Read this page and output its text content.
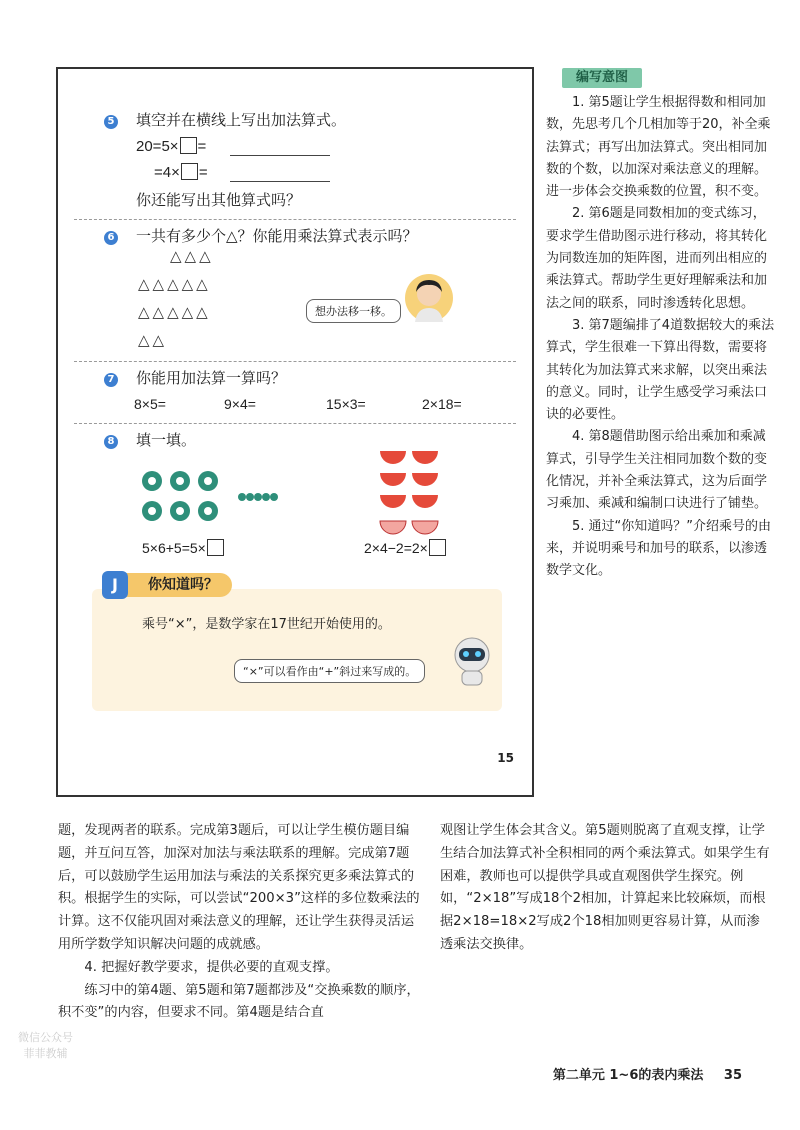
5 填空并在横线上写出加法算式。
20=5× =
=4× =
你还能写出其他算式吗？
6 一共有多少个△？你能用乘法算式表示吗？
△△△
△△△△△
△△△△△
△△
想办法移一移。
7 你能用加法算一算吗？
8×5=	9×4=	15×3=	2×18=
8 填一填。
5×6+5=5×	2×4−2=2×
你知道吗？
J
乘号“×”，是数学家在17世纪开始使用的。
“×”可以看作由“+”斜过来写成的。
15
编写意图

1. 第5题让学生根据得数和相同加数，先思考几个几相加等于20，补全乘法算式；再写出加法算式。突出相同加数的个数，以加深对乘法意义的理解。进一步体会交换乘数的位置，积不变。

2. 第6题是同数相加的变式练习，要求学生借助图示进行移动，将其转化为同数连加的矩阵图，进而列出相应的乘法算式。帮助学生更好理解乘法和加法之间的联系，同时渗透转化思想。

3. 第7题编排了4道数据较大的乘法算式，学生很难一下算出得数，需要将其转化为加法算式来求解，以突出乘法的意义。同时，让学生感受学习乘法口诀的必要性。

4. 第8题借助图示给出乘加和乘减算式，引导学生关注相同加数个数的变化情况，并补全乘法算式，这为后面学习乘加、乘减和编制口诀进行了铺垫。

5. 通过“你知道吗？”介绍乘号的由来，并说明乘号和加号的联系，以渗透数学文化。

题，发现两者的联系。完成第3题后，可以让学生模仿题目编题，并互问互答，加深对加法与乘法联系的理解。完成第7题后，可以鼓励学生运用加法与乘法的关系探究更多乘法算式的积。根据学生的实际，可以尝试“200×3”这样的多位数乘法的计算。这不仅能巩固对乘法意义的理解，还让学生获得灵活运用所学数学知识解决问题的成就感。

4. 把握好教学要求，提供必要的直观支撑。

练习中的第4题、第5题和第7题都涉及“交换乘数的顺序，积不变”的内容，但要求不同。第4题是结合直

观图让学生体会其含义。第5题则脱离了直观支撑，让学生结合加法算式补全积相同的两个乘法算式。如果学生有困难，教师也可以提供学具或直观图供学生探究。例如，“2×18”写成18个2相加，计算起来比较麻烦，而根据2×18=18×2写成2个18相加则更容易计算，从而渗透乘法交换律。

微信公众号
菲菲教辅
第二单元 1~6的表内乘法 35
